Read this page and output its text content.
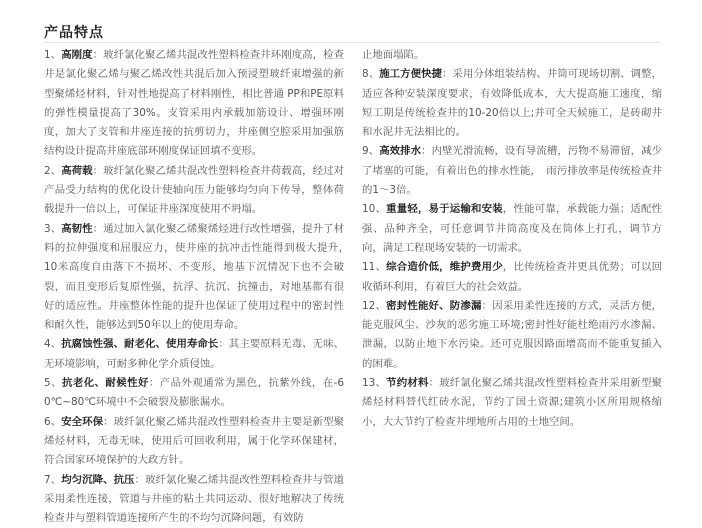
产品特点

1、高刚度：玻纤氯化聚乙烯共混改性塑料检查井环刚度高，检查井是氯化聚乙烯与聚乙烯改性共混后加入预浸塑玻纤束增强的新型聚烯烃材料，针对性地提高了材料刚性，相比普通 PP和PE原料的弹性模量提高了30%。支管采用内承载加筋设计、增强环刚度，加大了支管和井座连接的抗剪切力，井座侧空腔采用加强筋结构设计提高井座底部环刚度保证回填不变形。

2、高荷载：玻纤氯化聚乙烯共混改性塑料检查井荷载高，经过对产品受力结构的优化设计使轴向压力能够均匀向下传导，整体荷载提升一倍以上，可保证井座深度使用不坍塌。

3、高韧性：通过加入氯化聚乙烯聚烯烃进行改性增强，提升了材料的拉伸强度和屈服应力，使井座的抗冲击性能得到极大提升，　10米高度自由落下不损坏、不变形，地基下沉情况下也不会破裂，而且变形后复原性强，抗浮、抗沉、抗撞击，对地基都有很好的适应性。井座整体性能的提升也保证了使用过程中的密封性和耐久性，能够达到50年以上的使用寿命。

4、抗腐蚀性强、耐老化、使用寿命长：其主要原料无毒、无味、无环境影响，可耐多种化学介质侵蚀。

5、抗老化、耐候性好：产品外观通常为黑色，抗紫外线，在-60℃~80℃环境中不会破裂及膨胀漏水。

6、安全环保：玻纤氯化聚乙烯共混改性塑料检查井主要是新型聚烯烃材料，无毒无味，使用后可回收利用，属于化学环保建材，符合国家环境保护的大政方针。

7、均匀沉降、抗压：玻纤氯化聚乙烯共混改性塑料检查井与管道采用柔性连接，管道与井座的粘土共同运动、很好地解决了传统检查井与塑料管道连接所产生的不均匀沉降问题，有效防

止地面塌陷。

8、施工方便快捷：采用分体组装结构、井筒可现场切割、调整，适应各种安装深度要求，有效降低成本，大大提高施工速度，缩短工期是传统检查井的10-20倍以上;并可全天候施工，是砖砌井和水泥井无法相比的。

9、高效排水：内壁光滑流畅，设有导流槽，污物不易滞留，减少了堵塞的可能，有着出色的排水性能，　雨污排放率是传统检查井的1～3倍。

10、重量轻，易于运输和安装，性能可靠，承载能力强；适配性强、品种齐全，可任意调节井筒高度及在筒体上打孔，调节方向，满足工程现场安装的一切需求。

11、综合造价低，维护费用少，比传统检查井更具优势；可以回收循环利用，有着巨大的社会效益。

12、密封性能好、防渗漏：因采用柔性连接的方式，灵活方便，能克服风尘、沙灰的恶劣施工环境;密封性好能杜绝雨污水渗漏、泄漏，以防止地下水污染。还可克服因路面增高而不能重复插入的困难。

13、节约材料：玻纤氯化聚乙烯共混改性塑料检查井采用新型聚烯烃材料替代红砖水泥，节约了国土资源;建筑小区所用规格缩小，大大节约了检查井埋地所占用的土地空间。
